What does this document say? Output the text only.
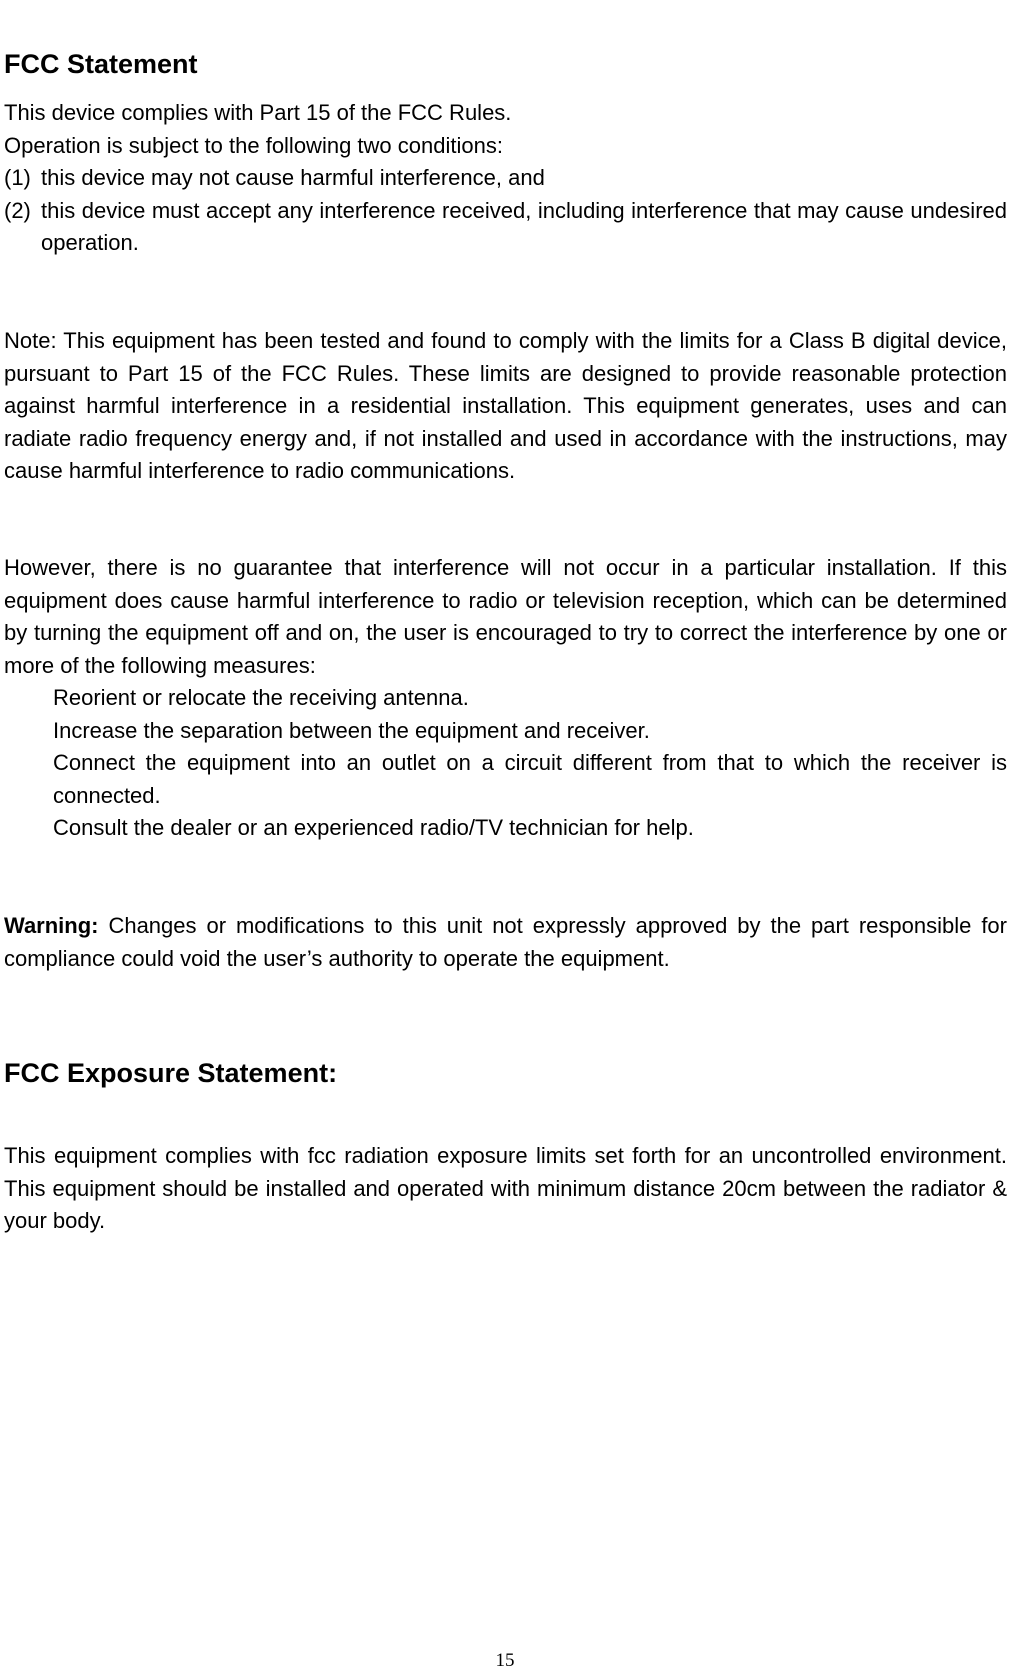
FCC Statement

This device complies with Part 15 of the FCC Rules.

Operation is subject to the following two conditions:

(1) this device may not cause harmful interference, and
(2) this device must accept any interference received, including interference that may cause undesired operation.

Note: This equipment has been tested and found to comply with the limits for a Class B digital device, pursuant to Part 15 of the FCC Rules. These limits are designed to provide reasonable protection against harmful interference in a residential installation. This equipment generates, uses and can radiate radio frequency energy and, if not installed and used in accordance with the instructions, may cause harmful interference to radio communications.

However, there is no guarantee that interference will not occur in a particular installation. If this equipment does cause harmful interference to radio or television reception, which can be determined by turning the equipment off and on, the user is encouraged to try to correct the interference by one or more of the following measures:

Reorient or relocate the receiving antenna.
Increase the separation between the equipment and receiver.
Connect the equipment into an outlet on a circuit different from that to which the receiver is connected.
Consult the dealer or an experienced radio/TV technician for help.

Warning: Changes or modifications to this unit not expressly approved by the part responsible for compliance could void the user’s authority to operate the equipment.

FCC Exposure Statement:

This equipment complies with fcc radiation exposure limits set forth for an uncontrolled environment. This equipment should be installed and operated with minimum distance 20cm between the radiator & your body.

15
